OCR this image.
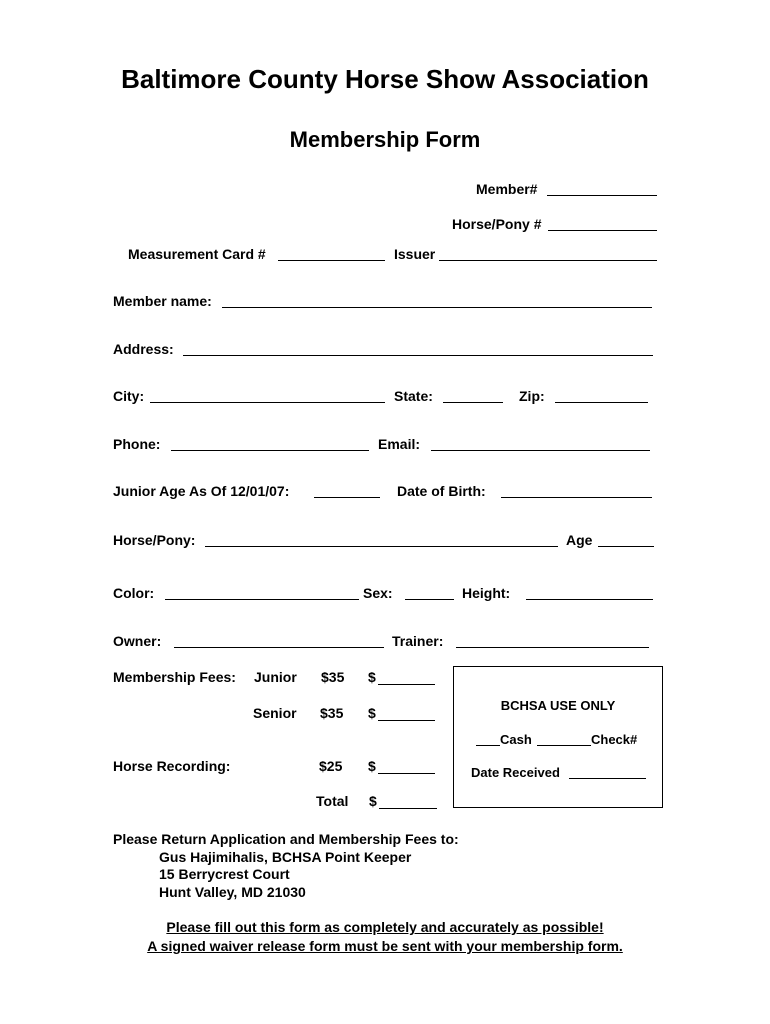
Baltimore County Horse Show Association
Membership Form
Member#
Horse/Pony #
Measurement Card #	Issuer
Member name:
Address:
City:	State:	Zip:
Phone:	Email:
Junior Age As Of 12/01/07:	Date of Birth:
Horse/Pony:	Age
Color:	Sex:	Height:
Owner:	Trainer:
Membership Fees: Junior $35 $
Senior $35 $
Horse Recording:	$25 $
Total $
BCHSA USE ONLY
Cash	Check#
Date Received
Please Return Application and Membership Fees to:
Gus Hajimihalis, BCHSA Point Keeper
15 Berrycrest Court
Hunt Valley, MD 21030
Please fill out this form as completely and accurately as possible!
A signed waiver release form must be sent with your membership form.
